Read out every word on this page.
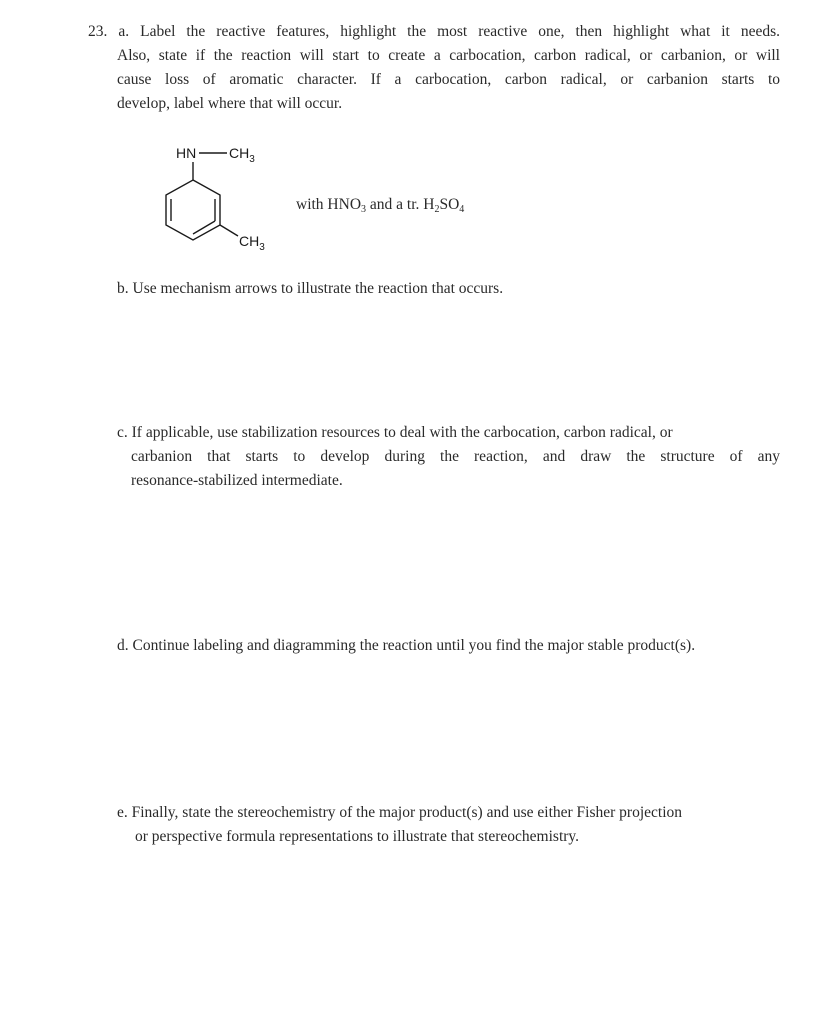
23. a. Label the reactive features, highlight the most reactive one, then highlight what it needs.
Also, state if the reaction will start to create a carbocation, carbon radical, or carbanion, or will
cause loss of aromatic character. If a carbocation, carbon radical, or carbanion starts to
develop, label where that will occur.
HN $CH_3$
$CH_3$
with $HNO_3$ and a tr. $H_2SO_4$
b. Use mechanism arrows to illustrate the reaction that occurs.
c. If applicable, use stabilization resources to deal with the carbocation, carbon radical, or
carbanion that starts to develop during the reaction, and draw the structure of any
resonance-stabilized intermediate.
d. Continue labeling and diagramming the reaction until you find the major stable product(s).
e. Finally, state the stereochemistry of the major product(s) and use either Fisher projection
or perspective formula representations to illustrate that stereochemistry.
